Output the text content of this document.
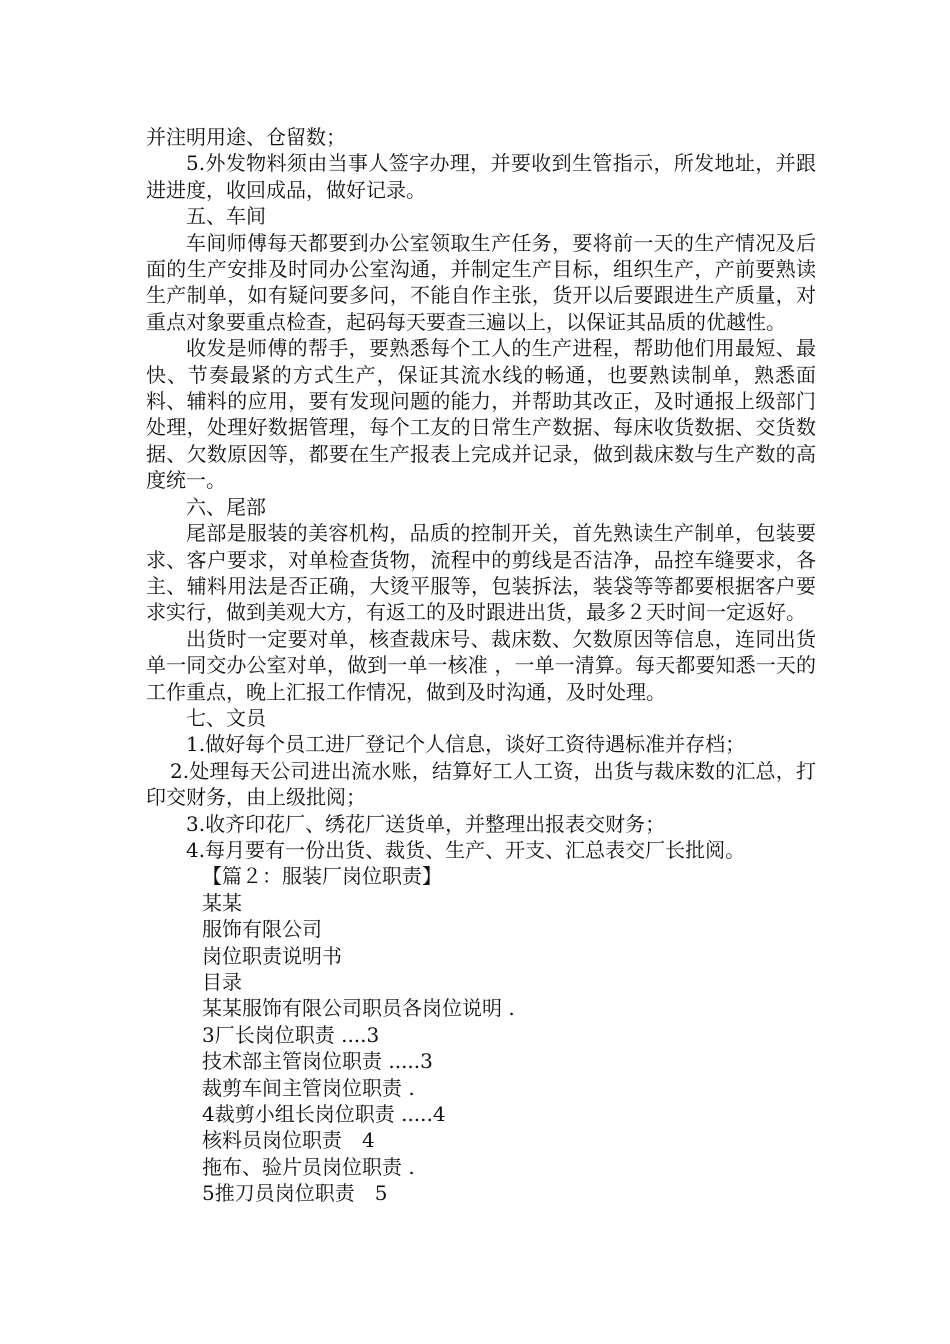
并注明用途、仓留数；

5.外发物料须由当事人签字办理，并要收到生管指示，所发地址，并跟进进度，收回成品，做好记录。

五、车间

车间师傅每天都要到办公室领取生产任务，要将前一天的生产情况及后面的生产安排及时同办公室沟通，并制定生产目标，组织生产，产前要熟读生产制单，如有疑问要多问，不能自作主张，货开以后要跟进生产质量，对重点对象要重点检查，起码每天要查三遍以上，以保证其品质的优越性。

收发是师傅的帮手，要熟悉每个工人的生产进程，帮助他们用最短、最快、节奏最紧的方式生产，保证其流水线的畅通，也要熟读制单，熟悉面料、辅料的应用，要有发现问题的能力，并帮助其改正，及时通报上级部门处理，处理好数据管理，每个工友的日常生产数据、每床收货数据、交货数据、欠数原因等，都要在生产报表上完成并记录，做到裁床数与生产数的高度统一。

六、尾部

尾部是服装的美容机构，品质的控制开关，首先熟读生产制单，包装要求、客户要求，对单检查货物，流程中的剪线是否洁净，品控车缝要求，各主、辅料用法是否正确，大烫平服等，包装拆法，装袋等等都要根据客户要求实行，做到美观大方，有返工的及时跟进出货，最多２天时间一定返好。

出货时一定要对单，核查裁床号、裁床数、欠数原因等信息，连同出货单一同交办公室对单，做到一单一核准 ，一单一清算。每天都要知悉一天的工作重点，晚上汇报工作情况，做到及时沟通，及时处理。

七、文员

1.做好每个员工进厂登记个人信息，谈好工资待遇标准并存档；

2.处理每天公司进出流水账，结算好工人工资，出货与裁床数的汇总，打印交财务，由上级批阅；

3.收齐印花厂、绣花厂送货单，并整理出报表交财务；

4.每月要有一份出货、裁货、生产、开支、汇总表交厂长批阅。

【篇２：服装厂岗位职责】

某某

服饰有限公司

岗位职责说明书

目录

某某服饰有限公司职员各岗位说明 .

3厂长岗位职责 ....3

技术部主管岗位职责 .....3

裁剪车间主管岗位职责 .

4裁剪小组长岗位职责 .....4

核料员岗位职责　4

拖布、验片员岗位职责 .

5推刀员岗位职责　5
